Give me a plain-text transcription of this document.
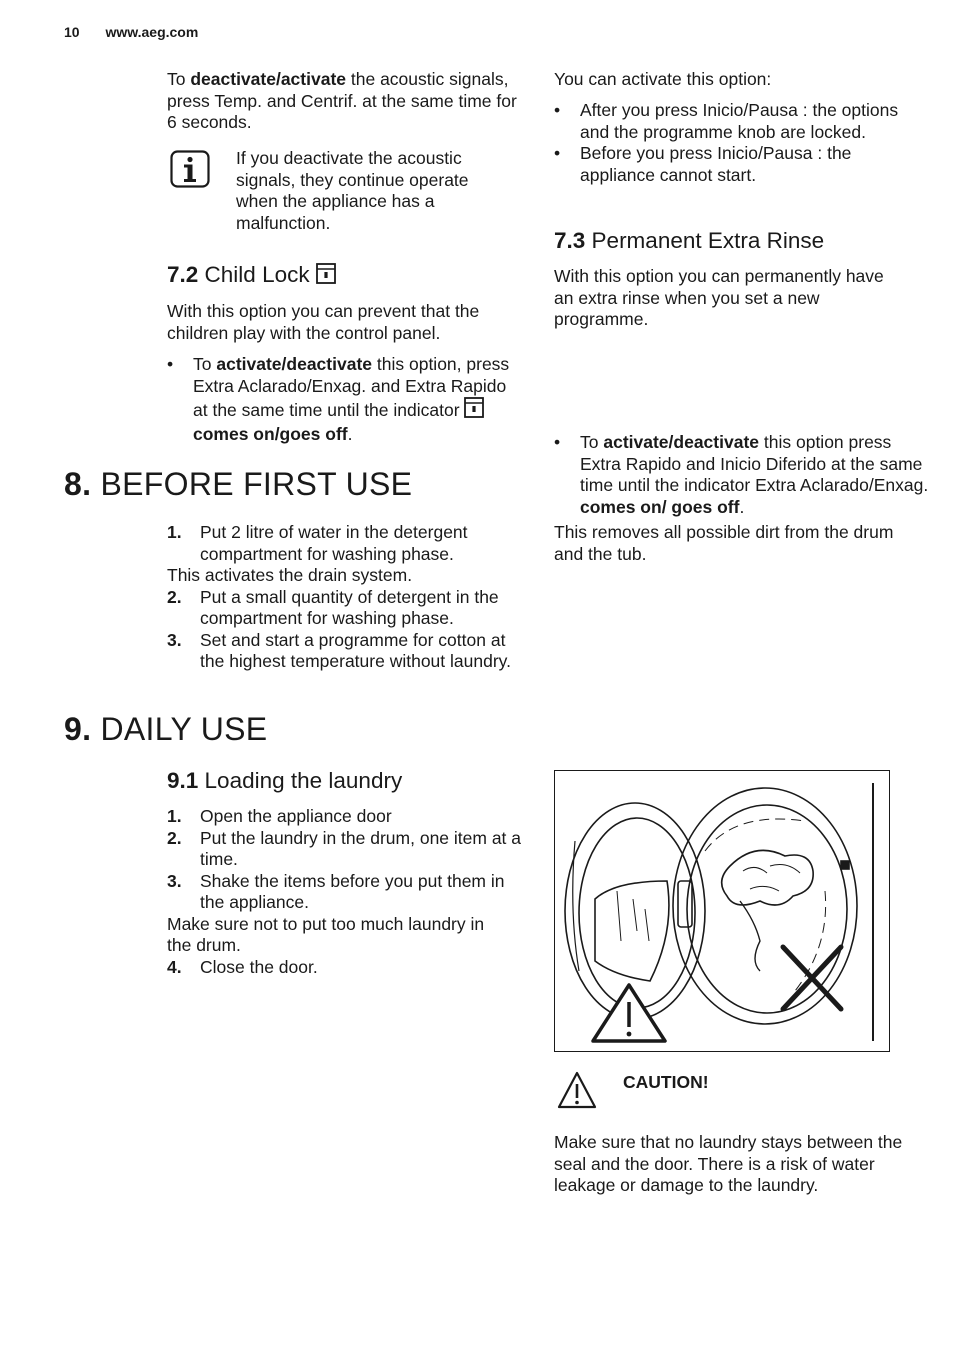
10 www.aeg.com

To deactivate/activate the acoustic signals, press Temp. and Centrif. at the same time for 6 seconds.

If you deactivate the acoustic signals, they continue operate when the appliance has a malfunction.
7.2 Child Lock

With this option you can prevent that the children play with the control panel.

• To activate/deactivate this option, press Extra Aclarado/Enxag. and Extra Rapido at the same time until the indicator  comes on/goes off.

You can activate this option:

• After you press Inicio/Pausa : the options and the programme knob are locked.
• Before you press Inicio/Pausa : the appliance cannot start.
7.3 Permanent Extra Rinse

With this option you can permanently have an extra rinse when you set a new programme.

• To activate/deactivate this option press Extra Rapido and Inicio Diferido at the same time until the indicator Extra Aclarado/Enxag. comes on/ goes off.
8. BEFORE FIRST USE
1. Put 2 litre of water in the detergent compartment for washing phase.
This activates the drain system.
2. Put a small quantity of detergent in the compartment for washing phase.
3. Set and start a programme for cotton at the highest temperature without laundry.

This removes all possible dirt from the drum and the tub.

9. DAILY USE
9.1 Loading the laundry
1. Open the appliance door
2. Put the laundry in the drum, one item at a time.
3. Shake the items before you put them in the appliance.
Make sure not to put too much laundry in the drum.
4. Close the door.
CAUTION!

Make sure that no laundry stays between the seal and the door. There is a risk of water leakage or damage to the laundry.
